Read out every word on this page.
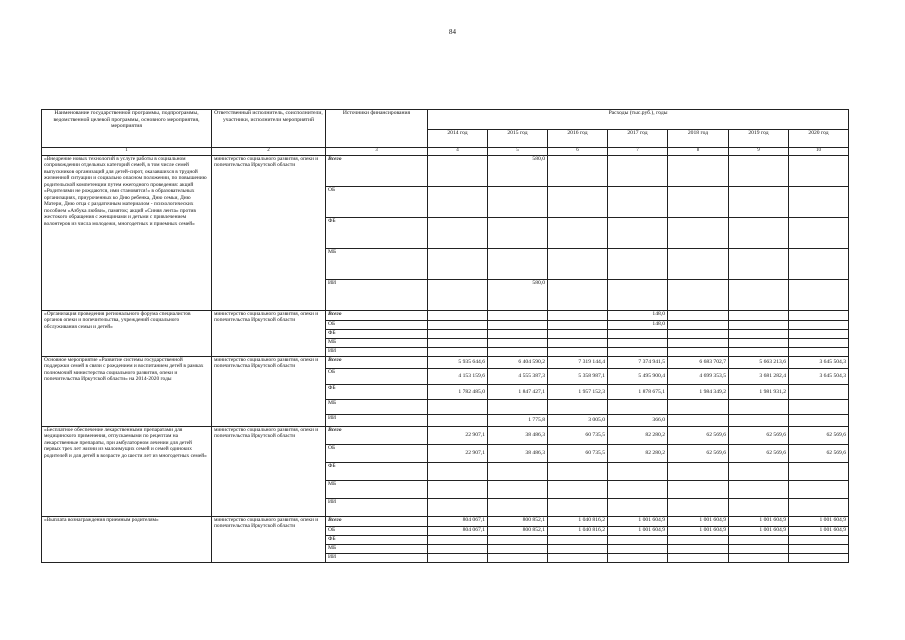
84
Наименование государственной программы, подпрограммы, ведомственной целевой программы, основного мероприятия, мероприятия	Ответственный исполнитель, соисполнители, участники, исполнители мероприятий	Источники финансирования	Расходы (тыс.руб.), годы						
			2014 год	2015 год	2016 год	2017 год	2018 год	2019 год	2020 год
1	2	3	4	5	6	7	8	9	10
«Внедрение новых технологий в услуге работы в социальном сопровождении отдельных категорий семей, в том числе семей выпускников организаций для детей-сирот, оказавшихся в трудной жизненной ситуации и социально опасном положении, по повышению родительской компетенции путем ежегодного проведения: акций «Родителями не рождаются, ими становятся!» в образовательных организациях, приуроченных ко Дню ребенка, Дню семьи, Дню Матери, Дню отца с раздаточным материалом - психологических пособием «Азбука любви», памяток; акций «Синяя лента» против жестокого обращения с женщинами и детьми с привлечением волонтеров из числа молодежи, многодетных и приемных семей»	министерство социального развития, опеки и попечительства Иркутской области	Всего		580,0					
		ОБ							
		ФБ							
		МБ							
		ИИ		580,0					
«Организация проведения регионального форума специалистов органов опеки и попечительства, учреждений социального обслуживания семьи и детей»	министерство социального развития, опеки и попечительства Иркутской области	Всего				148,0			
		ОБ				148,0			
		ФБ							
		МБ							
		ИИ							
Основное мероприятие «Развитие системы государственной поддержки семей в связи с рождением и воспитанием детей в рамках полномочий министерства социального развития, опеки и попечительства Иркутской области» на 2014-2020 годы	министерство социального развития, опеки и попечительства Иркутской области	Всего	5 935 644,6	6 404 590,2	7 319 144,4	7 374 941,5	6 683 702,7	5 663 213,6	3 645 504,3
		ОБ	4 153 159,6	4 555 387,3	5 358 987,1	5 495 900,4	4 699 353,5	3 681 282,4	3 645 504,3
		ФБ	1 782 485,0	1 847 427,1	1 957 152,3	1 878 675,1	1 984 349,2	1 981 931,2	
		МБ							
		ИИ		1 775,8	3 005,0	366,0			
«Бесплатное обеспечение лекарственными препаратами для медицинского применения, отпускаемыми по рецептам на лекарственные препараты, при амбулаторном лечении для детей первых трех лет жизни из малоимущих семей и семей одиноких родителей и для детей в возрасте до шести лет из многодетных семей»	министерство социального развития, опеки и попечительства Иркутской области	Всего	22 907,1	38 486,3	60 735,5	82 280,2	62 569,6	62 569,6	62 569,6
		ОБ	22 907,1	38 486,3	60 735,5	82 280,2	62 569,6	62 569,6	62 569,6
		ФБ							
		МБ							
		ИИ							
«Выплата вознаграждения приемным родителям»	министерство социального развития, опеки и попечительства Иркутской области	Всего	804 067,1	800 852,1	1 040 816,2	1 001 604,9	1 001 604,9	1 001 604,9	1 001 604,9
		ОБ	804 067,1	800 852,1	1 040 816,2	1 001 604,9	1 001 604,9	1 001 604,9	1 001 604,9
		ФБ							
		МБ							
		ИИ							
